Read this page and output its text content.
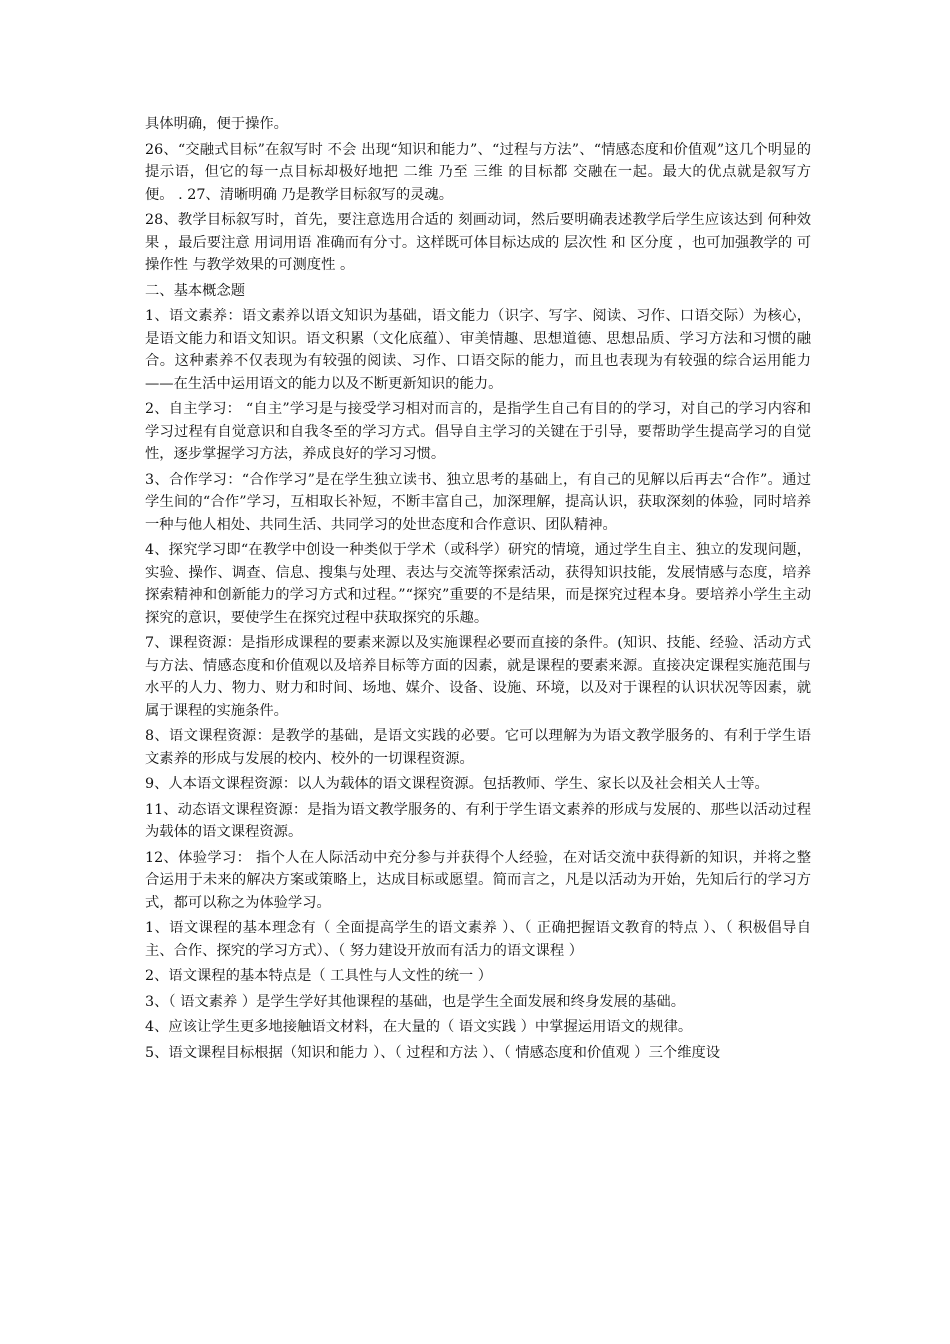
具体明确，便于操作。

26、“交融式目标”在叙写时 不会 出现“知识和能力”、“过程与方法”、“情感态度和价值观”这几个明显的提示语，但它的每一点目标却极好地把 二维 乃至 三维 的目标都 交融在一起。最大的优点就是叙写方便。 . 27、清晰明确 乃是教学目标叙写的灵魂。

28、教学目标叙写时，首先，要注意选用合适的 刻画动词，然后要明确表述教学后学生应该达到 何种效果 ，最后要注意 用词用语 准确而有分寸。这样既可体目标达成的 层次性 和 区分度 ，也可加强教学的 可操作性 与教学效果的可测度性 。

二、基本概念题

1、语文素养：语文素养以语文知识为基础，语文能力（识字、写字、阅读、习作、口语交际）为核心，是语文能力和语文知识。语文积累（文化底蕴）、审美情趣、思想道德、思想品质、学习方法和习惯的融合。这种素养不仅表现为有较强的阅读、习作、口语交际的能力，而且也表现为有较强的综合运用能力——在生活中运用语文的能力以及不断更新知识的能力。

2、自主学习： “自主”学习是与接受学习相对而言的，是指学生自己有目的的学习，对自己的学习内容和学习过程有自觉意识和自我冬至的学习方式。倡导自主学习的关键在于引导，要帮助学生提高学习的自觉性，逐步掌握学习方法，养成良好的学习习惯。

3、合作学习：“合作学习”是在学生独立读书、独立思考的基础上，有自己的见解以后再去“合作”。通过学生间的“合作”学习，互相取长补短，不断丰富自己，加深理解，提高认识，获取深刻的体验，同时培养一种与他人相处、共同生活、共同学习的处世态度和合作意识、团队精神。

4、探究学习即“在教学中创设一种类似于学术（或科学）研究的情境，通过学生自主、独立的发现问题，实验、操作、调查、信息、搜集与处理、表达与交流等探索活动，获得知识技能，发展情感与态度，培养探索精神和创新能力的学习方式和过程。”“探究”重要的不是结果，而是探究过程本身。要培养小学生主动探究的意识，要使学生在探究过程中获取探究的乐趣。

7、课程资源：是指形成课程的要素来源以及实施课程必要而直接的条件。(知识、技能、经验、活动方式与方法、情感态度和价值观以及培养目标等方面的因素，就是课程的要素来源。直接决定课程实施范围与水平的人力、物力、财力和时间、场地、媒介、设备、设施、环境，以及对于课程的认识状况等因素，就属于课程的实施条件。

8、语文课程资源：是教学的基础，是语文实践的必要。它可以理解为为语文教学服务的、有利于学生语文素养的形成与发展的校内、校外的一切课程资源。

9、人本语文课程资源：以人为载体的语文课程资源。包括教师、学生、家长以及社会相关人士等。

11、动态语文课程资源：是指为语文教学服务的、有利于学生语文素养的形成与发展的、那些以活动过程为载体的语文课程资源。

12、体验学习： 指个人在人际活动中充分参与并获得个人经验，在对话交流中获得新的知识，并将之整合运用于未来的解决方案或策略上，达成目标或愿望。简而言之，凡是以活动为开始，先知后行的学习方式，都可以称之为体验学习。

1、语文课程的基本理念有（ 全面提高学生的语文素养 ）、（ 正确把握语文教育的特点 ）、（ 积极倡导自主、合作、探究的学习方式）、（ 努力建设开放而有活力的语文课程 ）

2、语文课程的基本特点是（ 工具性与人文性的统一 ）

3、（ 语文素养 ）是学生学好其他课程的基础，也是学生全面发展和终身发展的基础。

4、应该让学生更多地接触语文材料，在大量的（ 语文实践 ）中掌握运用语文的规律。

5、语文课程目标根据（知识和能力 ）、（ 过程和方法 ）、（ 情感态度和价值观 ）三个维度设
